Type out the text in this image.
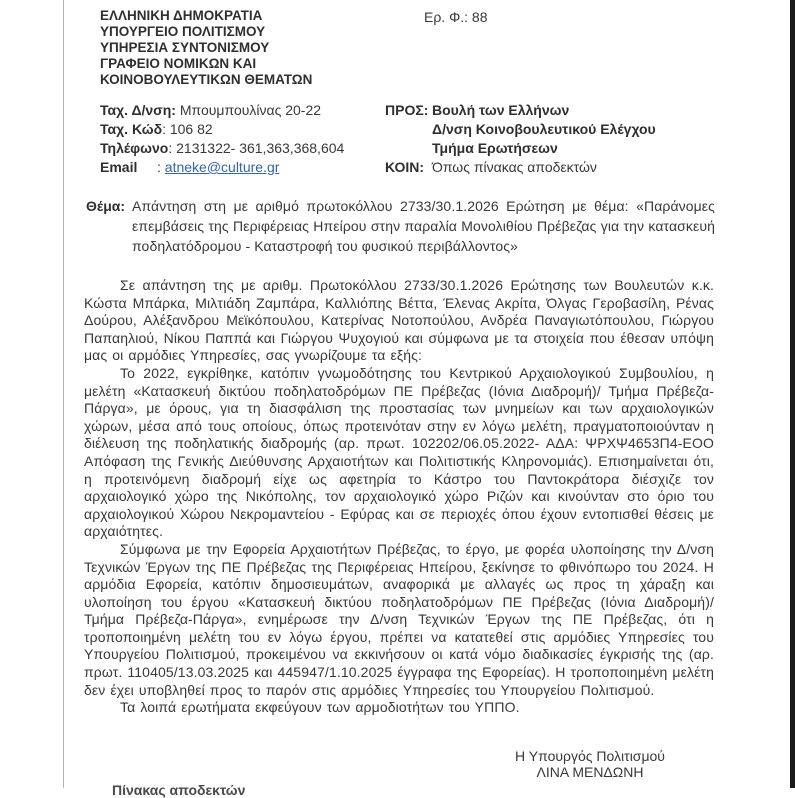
ΕΛΛΗΝΙΚΗ ΔΗΜΟΚΡΑΤΙΑ
ΥΠΟΥΡΓΕΙΟ ΠΟΛΙΤΙΣΜΟΥ
ΥΠΗΡΕΣΙΑ ΣΥΝΤΟΝΙΣΜΟΥ
ΓΡΑΦΕΙΟ ΝΟΜΙΚΩΝ ΚΑΙ
ΚΟΙΝΟΒΟΥΛΕΥΤΙΚΩΝ ΘΕΜΑΤΩΝ
Ερ. Φ.: 88
Ταχ. Δ/νση: Μπουμπουλίνας 20-22
Ταχ. Κώδ: 106 82
Τηλέφωνο: 2131322- 361,363,368,604
Email : atneke@culture.gr
ΠΡΟΣ: Βουλή των Ελλήνων
Δ/νση Κοινοβουλευτικού Ελέγχου
Τμήμα Ερωτήσεων
ΚΟΙΝ: Όπως πίνακας αποδεκτών
Θέμα: Απάντηση στη με αριθμό πρωτοκόλλου 2733/30.1.2026 Ερώτηση με θέμα: «Παράνομες επεμβάσεις της Περιφέρειας Ηπείρου στην παραλία Μονολιθίου Πρέβεζας για την κατασκευή ποδηλατόδρομου - Καταστροφή του φυσικού περιβάλλοντος»

Σε απάντηση της με αριθμ. Πρωτοκόλλου 2733/30.1.2026 Ερώτησης των Βουλευτών κ.κ. Κώστα Μπάρκα, Μιλτιάδη Ζαμπάρα, Καλλιόπης Βέττα, Έλενας Ακρίτα, Όλγας Γεροβασίλη, Ρένας Δούρου, Αλέξανδρου Μεϊκόπουλου, Κατερίνας Νοτοπούλου, Ανδρέα Παναγιωτόπουλου, Γιώργου Παπαηλιού, Νίκου Παππά και Γιώργου Ψυχογιού και σύμφωνα με τα στοιχεία που έθεσαν υπόψη μας οι αρμόδιες Υπηρεσίες, σας γνωρίζουμε τα εξής:

Το 2022, εγκρίθηκε, κατόπιν γνωμοδότησης του Κεντρικού Αρχαιολογικού Συμβουλίου, η μελέτη «Κατασκευή δικτύου ποδηλατοδρόμων ΠΕ Πρέβεζας (Ιόνια Διαδρομή)/ Τμήμα Πρέβεζα-Πάργα», με όρους, για τη διασφάλιση της προστασίας των μνημείων και των αρχαιολογικών χώρων, μέσα από τους οποίους, όπως προτεινόταν στην εν λόγω μελέτη, πραγματοποιούνταν η διέλευση της ποδηλατικής διαδρομής (αρ. πρωτ. 102202/06.05.2022- ΑΔΑ: ΨΡΧΨ4653Π4-ΕΟΟ Απόφαση της Γενικής Διεύθυνσης Αρχαιοτήτων και Πολιτιστικής Κληρονομιάς). Επισημαίνεται ότι, η προτεινόμενη διαδρομή είχε ως αφετηρία το Κάστρο του Παντοκράτορα διέσχιζε τον αρχαιολογικό χώρο της Νικόπολης, τον αρχαιολογικό χώρο Ριζών και κινούνταν στο όριο του αρχαιολογικού Χώρου Νεκρομαντείου - Εφύρας και σε περιοχές όπου έχουν εντοπισθεί θέσεις με αρχαιότητες.

Σύμφωνα με την Εφορεία Αρχαιοτήτων Πρέβεζας, το έργο, με φορέα υλοποίησης την Δ/νση Τεχνικών Έργων της ΠΕ Πρέβεζας της Περιφέρειας Ηπείρου, ξεκίνησε το φθινόπωρο του 2024. Η αρμόδια Εφορεία, κατόπιν δημοσιευμάτων, αναφορικά με αλλαγές ως προς τη χάραξη και υλοποίηση του έργου «Κατασκευή δικτύου ποδηλατοδρόμων ΠΕ Πρέβεζας (Ιόνια Διαδρομή)/ Τμήμα Πρέβεζα-Πάργα», ενημέρωσε την Δ/νση Τεχνικών Έργων της ΠΕ Πρέβεζας, ότι η τροποποιημένη μελέτη του εν λόγω έργου, πρέπει να κατατεθεί στις αρμόδιες Υπηρεσίες του Υπουργείου Πολιτισμού, προκειμένου να εκκινήσουν οι κατά νόμο διαδικασίες έγκρισής της (αρ. πρωτ. 110405/13.03.2025 και 445947/1.10.2025 έγγραφα της Εφορείας). Η τροποποιημένη μελέτη δεν έχει υποβληθεί προς το παρόν στις αρμόδιες Υπηρεσίες του Υπουργείου Πολιτισμού.

Τα λοιπά ερωτήματα εκφεύγουν των αρμοδιοτήτων του ΥΠΠΟ.

Η Υπουργός Πολιτισμού
ΛΙΝΑ ΜΕΝΔΩΝΗ
Πίνακας αποδεκτών
